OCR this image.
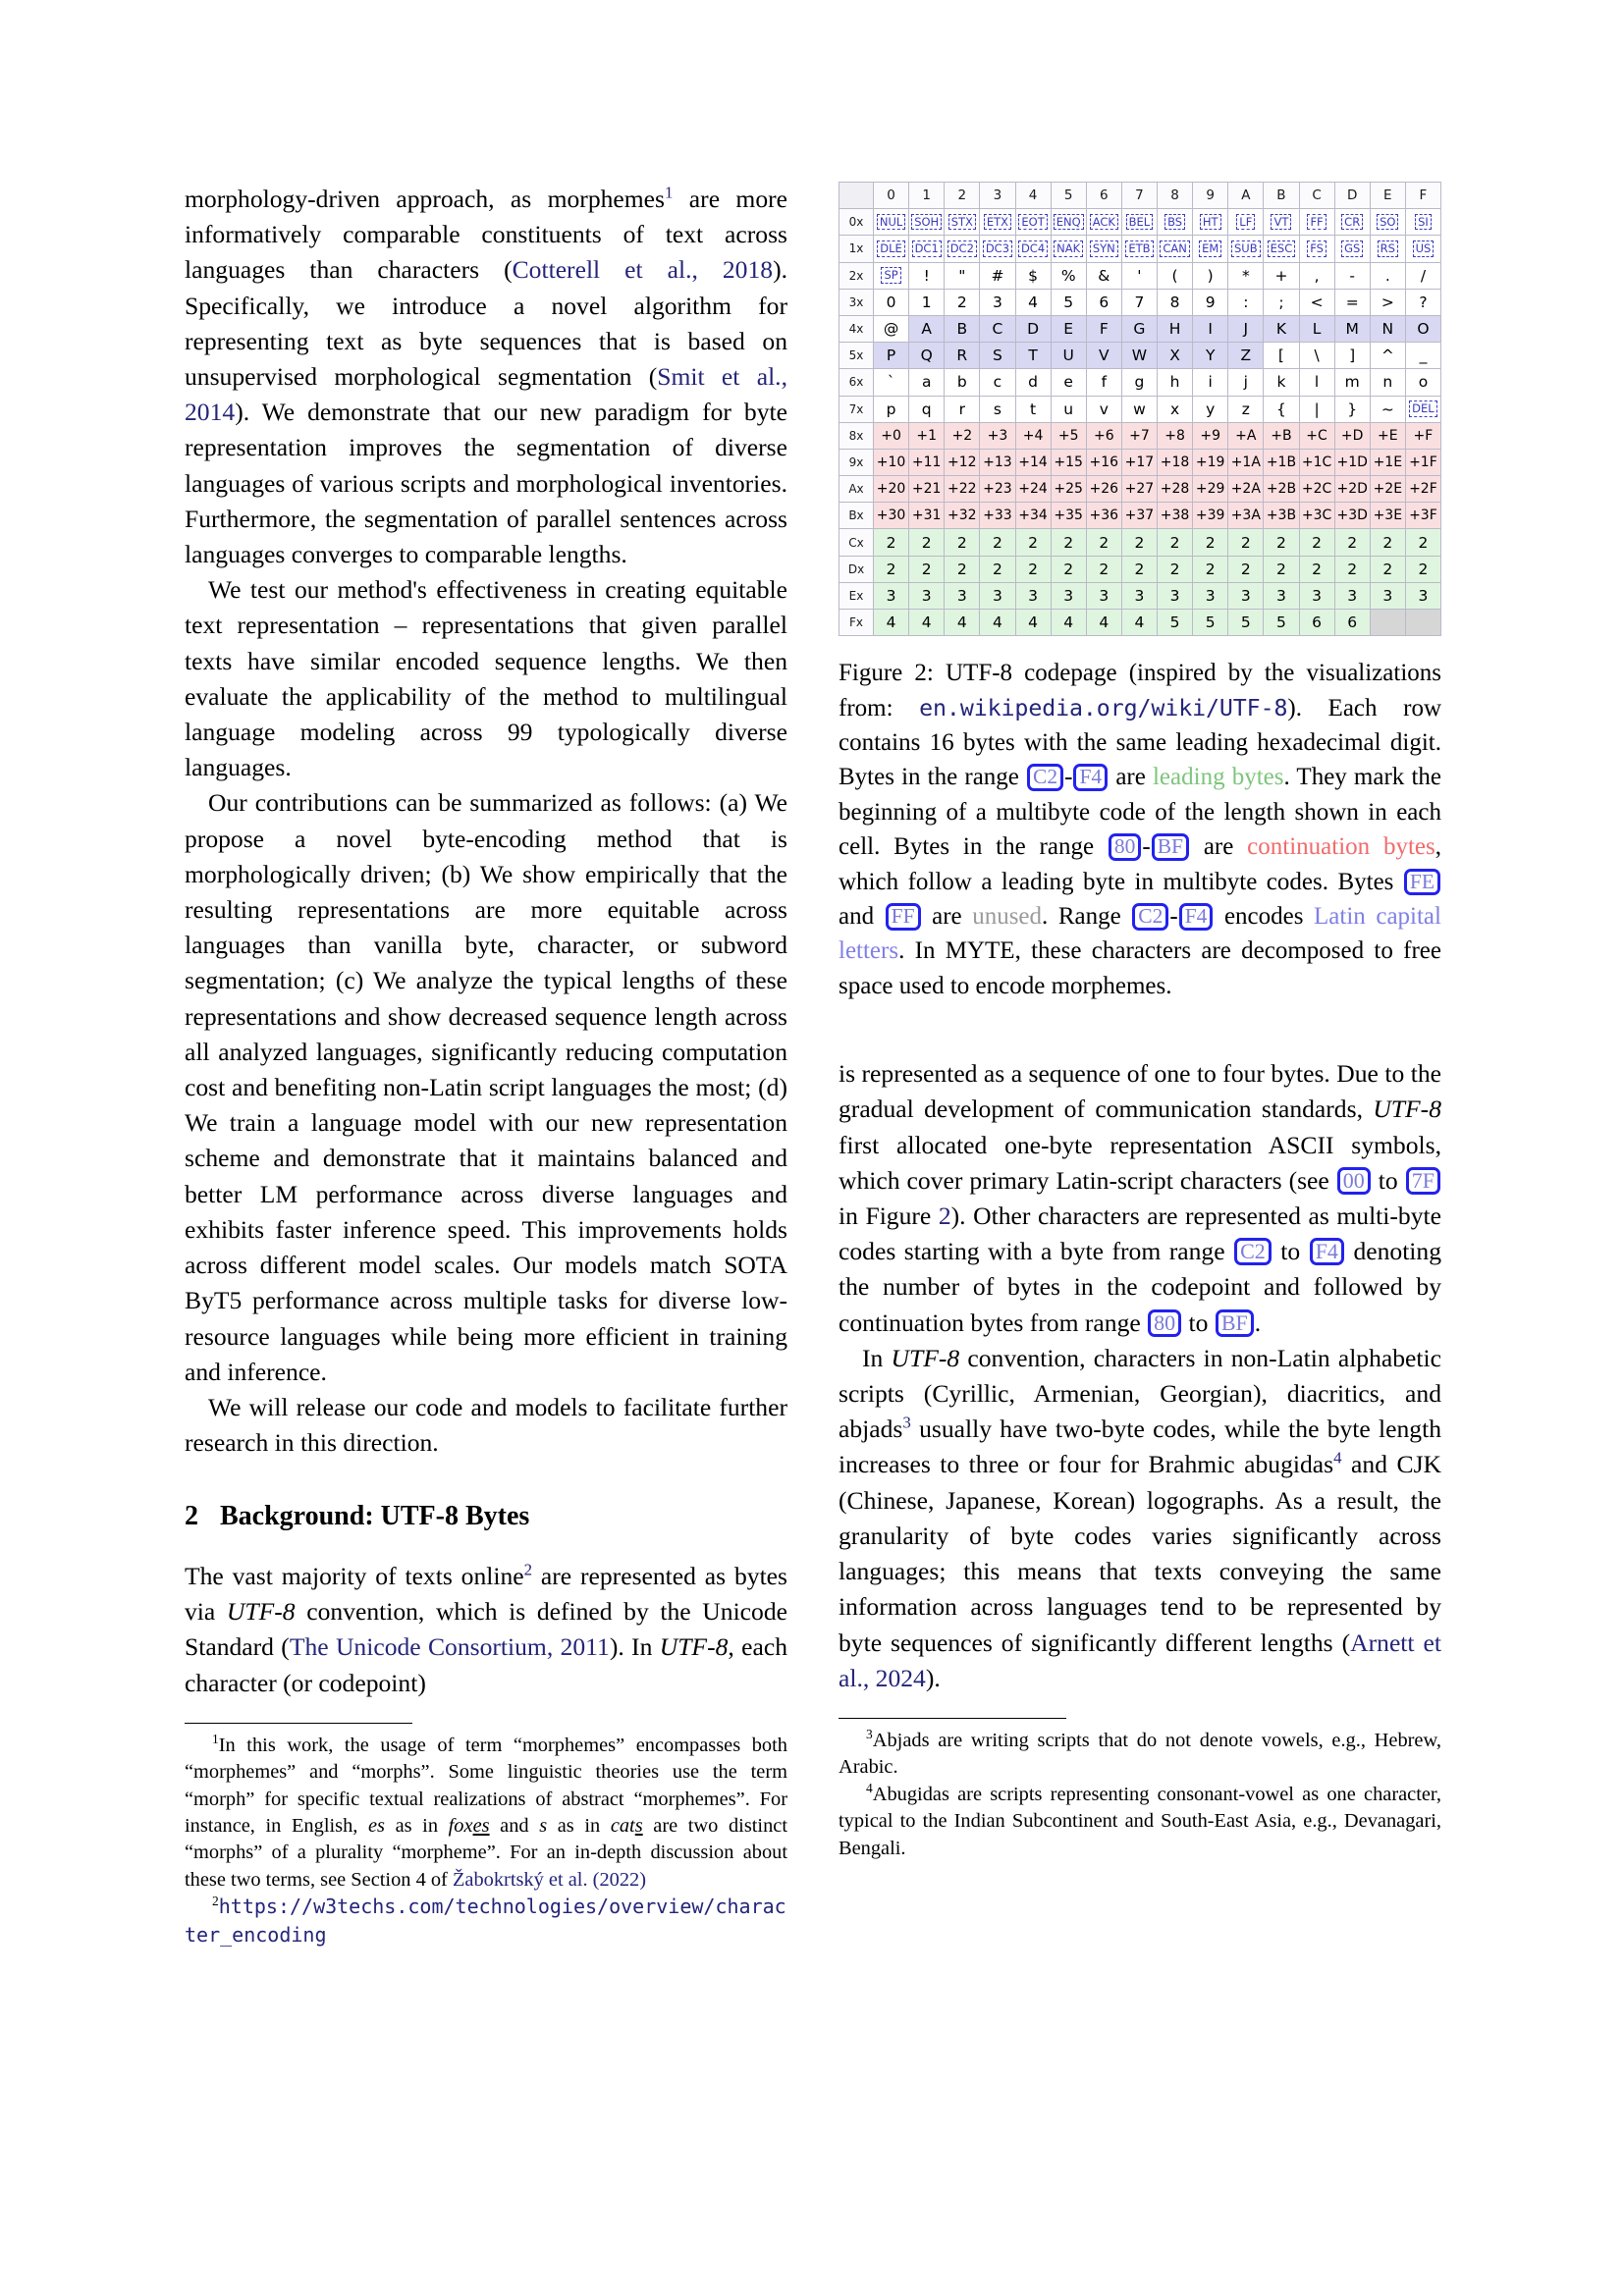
morphology-driven approach, as morphemes$^1$ are more informatively comparable constituents of text across languages than characters (Cotterell et al., 2018). Specifically, we introduce a novel algorithm for representing text as byte sequences that is based on unsupervised morphological segmentation (Smit et al., 2014). We demonstrate that our new paradigm for byte representation improves the segmentation of diverse languages of various scripts and morphological inventories. Furthermore, the segmentation of parallel sentences across languages converges to comparable lengths.

We test our method's effectiveness in creating equitable text representation – representations that given parallel texts have similar encoded sequence lengths. We then evaluate the applicability of the method to multilingual language modeling across 99 typologically diverse languages.

Our contributions can be summarized as follows: (a) We propose a novel byte-encoding method that is morphologically driven; (b) We show empirically that the resulting representations are more equitable across languages than vanilla byte, character, or subword segmentation; (c) We analyze the typical lengths of these representations and show decreased sequence length across all analyzed languages, significantly reducing computation cost and benefiting non-Latin script languages the most; (d) We train a language model with our new representation scheme and demonstrate that it maintains balanced and better LM performance across diverse languages and exhibits faster inference speed. This improvements holds across different model scales. Our models match SOTA ByT5 performance across multiple tasks for diverse low-resource languages while being more efficient in training and inference.

We will release our code and models to facilitate further research in this direction.

2 Background: UTF-8 Bytes

The vast majority of texts online$^2$ are represented as bytes via UTF-8 convention, which is defined by the Unicode Standard (The Unicode Consortium, 2011). In UTF-8, each character (or codepoint)

$^1$In this work, the usage of term “morphemes” encompasses both “morphemes” and “morphs”. Some linguistic theories use the term “morph” for specific textual realizations of abstract “morphemes”. For instance, in English, es as in foxes and s as in cats are two distinct “morphs” of a plurality “morpheme”. For an in-depth discussion about these two terms, see Section 4 of Žabokrtský et al. (2022)

$^2$https://w3techs.com/technologies/overview/character_encoding

	0	1	2	3	4	5	6	7	8	9	A	B	C	D	E	F
0x	NUL	SOH	STX	ETX	EOT	ENQ	ACK	BEL	BS	HT	LF	VT	FF	CR	SO	SI
1x	DLE	DC1	DC2	DC3	DC4	NAK	SYN	ETB	CAN	EM	SUB	ESC	FS	GS	RS	US
2x	SP	!	"	#	$	%	&	'	(	)	*	+	,	-	.	/
3x	0	1	2	3	4	5	6	7	8	9	:	;	<	=	>	?
4x	@	A	B	C	D	E	F	G	H	I	J	K	L	M	N	O
5x	P	Q	R	S	T	U	V	W	X	Y	Z	[	\	]	^	_
6x	`	a	b	c	d	e	f	g	h	i	j	k	l	m	n	o
7x	p	q	r	s	t	u	v	w	x	y	z	{	|	}	~	DEL
8x	+0	+1	+2	+3	+4	+5	+6	+7	+8	+9	+A	+B	+C	+D	+E	+F
9x	+10	+11	+12	+13	+14	+15	+16	+17	+18	+19	+1A	+1B	+1C	+1D	+1E	+1F
Ax	+20	+21	+22	+23	+24	+25	+26	+27	+28	+29	+2A	+2B	+2C	+2D	+2E	+2F
Bx	+30	+31	+32	+33	+34	+35	+36	+37	+38	+39	+3A	+3B	+3C	+3D	+3E	+3F
Cx	2	2	2	2	2	2	2	2	2	2	2	2	2	2	2	2
Dx	2	2	2	2	2	2	2	2	2	2	2	2	2	2	2	2
Ex	3	3	3	3	3	3	3	3	3	3	3	3	3	3	3	3
Fx	4	4	4	4	4	4	4	4	5	5	5	5	6	6		

Figure 2: UTF-8 codepage (inspired by the visualizations from: en.wikipedia.org/wiki/UTF-8). Each row contains 16 bytes with the same leading hexadecimal digit. Bytes in the range C2 - F4 are leading bytes. They mark the beginning of a multibyte code of the length shown in each cell. Bytes in the range 80 - BF are continuation bytes, which follow a leading byte in multibyte codes. Bytes FE and FF are unused. Range C2 - F4 encodes Latin capital letters. In MYTE, these characters are decomposed to free space used to encode morphemes.

is represented as a sequence of one to four bytes. Due to the gradual development of communication standards, UTF-8 first allocated one-byte representation ASCII symbols, which cover primary Latin-script characters (see 00 to 7F in Figure 2). Other characters are represented as multi-byte codes starting with a byte from range C2 to F4 denoting the number of bytes in the codepoint and followed by continuation bytes from range 80 to BF .

In UTF-8 convention, characters in non-Latin alphabetic scripts (Cyrillic, Armenian, Georgian), diacritics, and abjads$^3$ usually have two-byte codes, while the byte length increases to three or four for Brahmic abugidas$^4$ and CJK (Chinese, Japanese, Korean) logographs. As a result, the granularity of byte codes varies significantly across languages; this means that texts conveying the same information across languages tend to be represented by byte sequences of significantly different lengths (Arnett et al., 2024).

$^3$Abjads are writing scripts that do not denote vowels, e.g., Hebrew, Arabic.

$^4$Abugidas are scripts representing consonant-vowel as one character, typical to the Indian Subcontinent and South-East Asia, e.g., Devanagari, Bengali.
